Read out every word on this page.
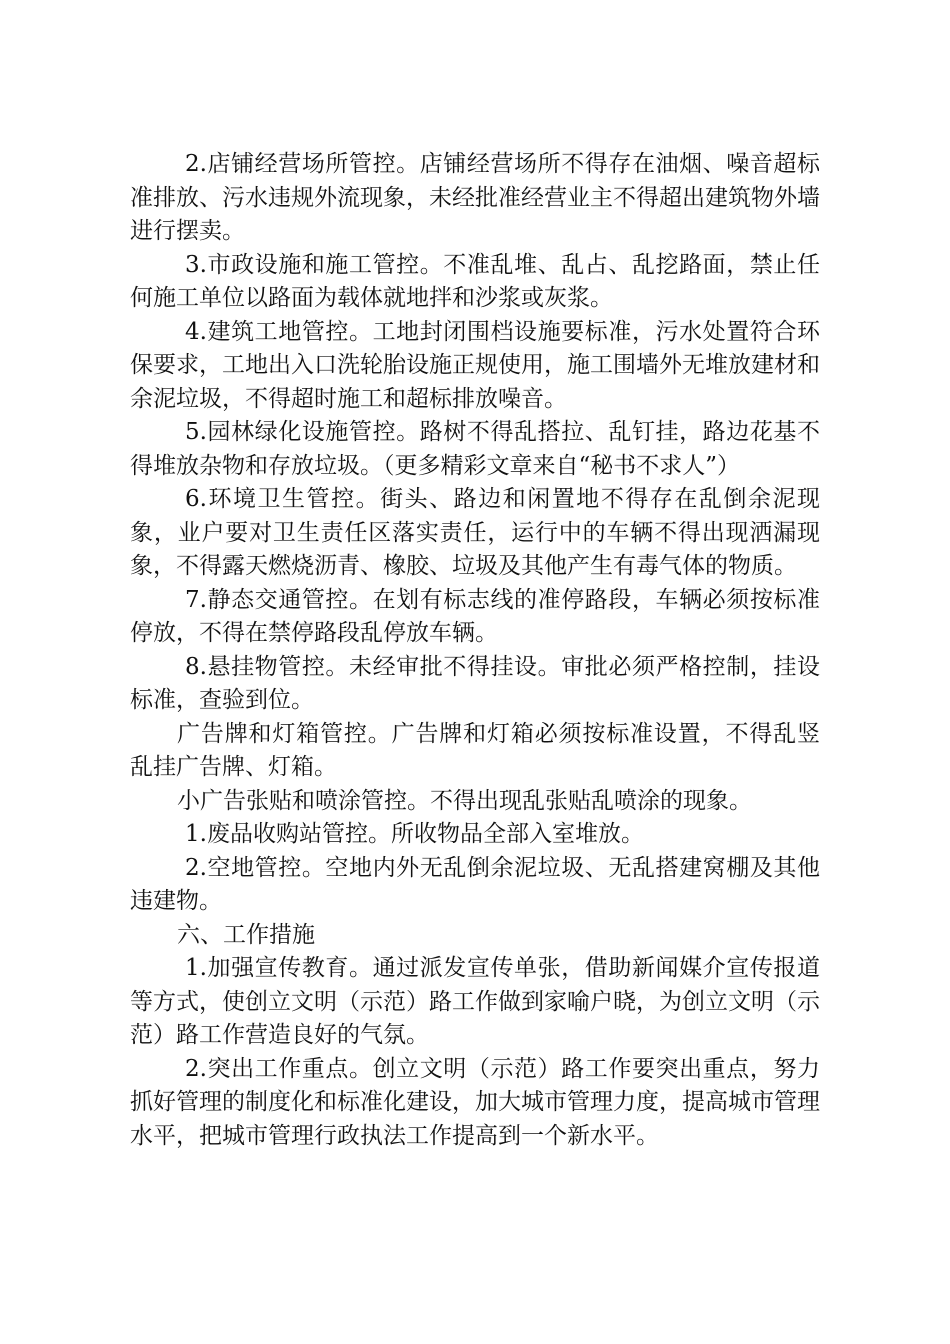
2.店铺经营场所管控。店铺经营场所不得存在油烟、噪音超标准排放、污水违规外流现象，未经批准经营业主不得超出建筑物外墙进行摆卖。

3.市政设施和施工管控。不准乱堆、乱占、乱挖路面，禁止任何施工单位以路面为载体就地拌和沙浆或灰浆。

4.建筑工地管控。工地封闭围档设施要标准，污水处置符合环保要求，工地出入口洗轮胎设施正规使用，施工围墙外无堆放建材和余泥垃圾，不得超时施工和超标排放噪音。

5.园林绿化设施管控。路树不得乱搭拉、乱钉挂，路边花基不得堆放杂物和存放垃圾。（更多精彩文章来自“秘书不求人”）

6.环境卫生管控。街头、路边和闲置地不得存在乱倒余泥现象，业户要对卫生责任区落实责任，运行中的车辆不得出现洒漏现象，不得露天燃烧沥青、橡胶、垃圾及其他产生有毒气体的物质。

7.静态交通管控。在划有标志线的准停路段，车辆必须按标准停放，不得在禁停路段乱停放车辆。

8.悬挂物管控。未经审批不得挂设。审批必须严格控制，挂设标准，查验到位。

广告牌和灯箱管控。广告牌和灯箱必须按标准设置，不得乱竖乱挂广告牌、灯箱。

小广告张贴和喷涂管控。不得出现乱张贴乱喷涂的现象。

1.废品收购站管控。所收物品全部入室堆放。

2.空地管控。空地内外无乱倒余泥垃圾、无乱搭建窝棚及其他违建物。

六、工作措施

1.加强宣传教育。通过派发宣传单张，借助新闻媒介宣传报道等方式，使创立文明（示范）路工作做到家喻户晓，为创立文明（示范）路工作营造良好的气氛。

2.突出工作重点。创立文明（示范）路工作要突出重点，努力抓好管理的制度化和标准化建设，加大城市管理力度，提高城市管理水平，把城市管理行政执法工作提高到一个新水平。
